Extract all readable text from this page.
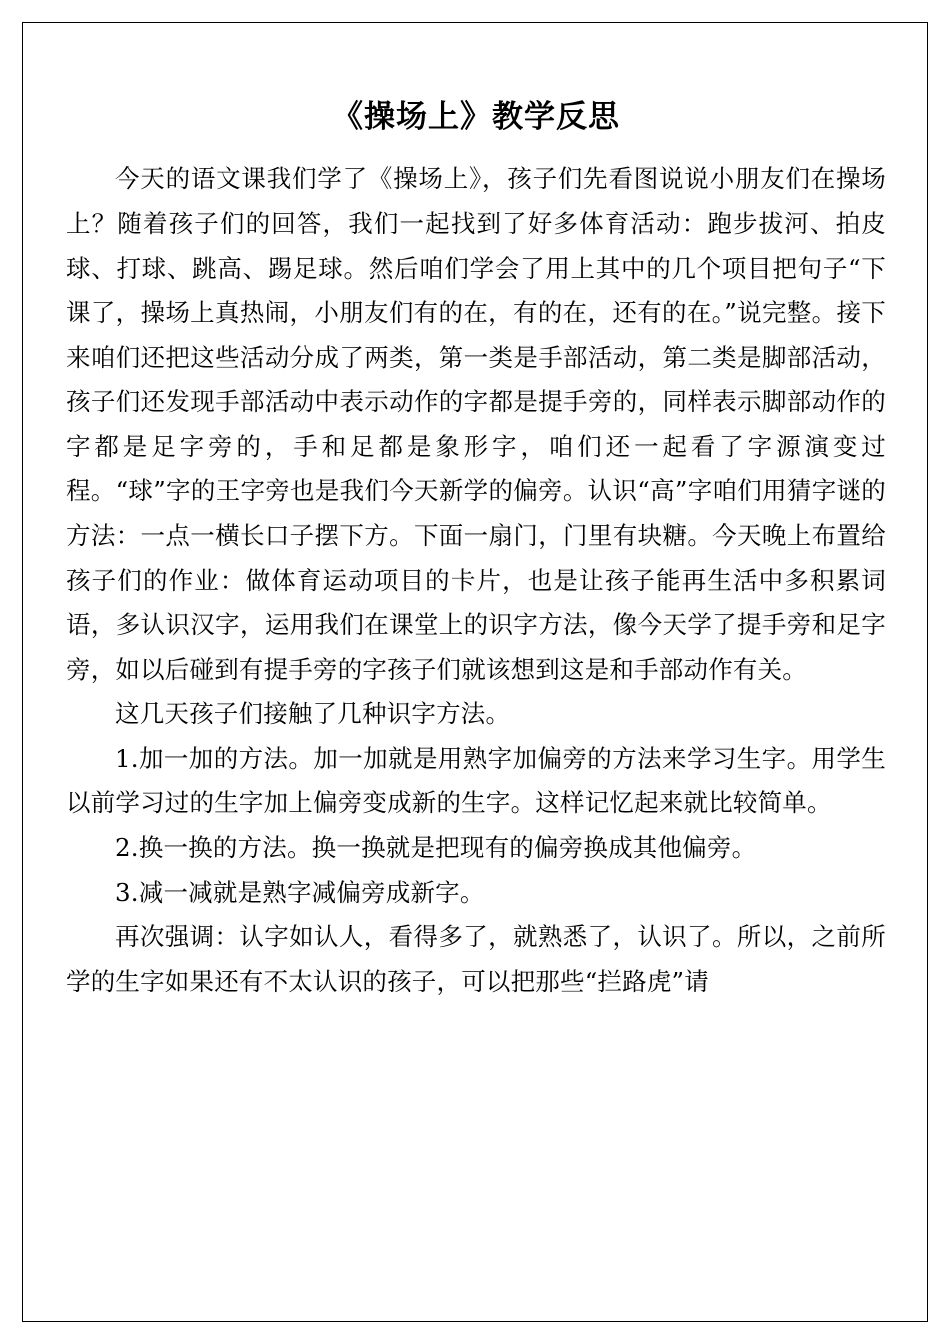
《操场上》教学反思

今天的语文课我们学了《操场上》，孩子们先看图说说小朋友们在操场上？随着孩子们的回答，我们一起找到了好多体育活动：跑步拔河、拍皮球、打球、跳高、踢足球。然后咱们学会了用上其中的几个项目把句子“下课了，操场上真热闹，小朋友们有的在，有的在，还有的在。”说完整。接下来咱们还把这些活动分成了两类，第一类是手部活动，第二类是脚部活动，孩子们还发现手部活动中表示动作的字都是提手旁的，同样表示脚部动作的字都是足字旁的，手和足都是象形字，咱们还一起看了字源演变过程。“球”字的王字旁也是我们今天新学的偏旁。认识“高”字咱们用猜字谜的方法：一点一横长口子摆下方。下面一扇门，门里有块糖。今天晚上布置给孩子们的作业：做体育运动项目的卡片，也是让孩子能再生活中多积累词语，多认识汉字，运用我们在课堂上的识字方法，像今天学了提手旁和足字旁，如以后碰到有提手旁的字孩子们就该想到这是和手部动作有关。

这几天孩子们接触了几种识字方法。

1.加一加的方法。加一加就是用熟字加偏旁的方法来学习生字。用学生以前学习过的生字加上偏旁变成新的生字。这样记忆起来就比较简单。

2.换一换的方法。换一换就是把现有的偏旁换成其他偏旁。

3.减一减就是熟字减偏旁成新字。

再次强调：认字如认人，看得多了，就熟悉了，认识了。所以，之前所学的生字如果还有不太认识的孩子，可以把那些“拦路虎”请
